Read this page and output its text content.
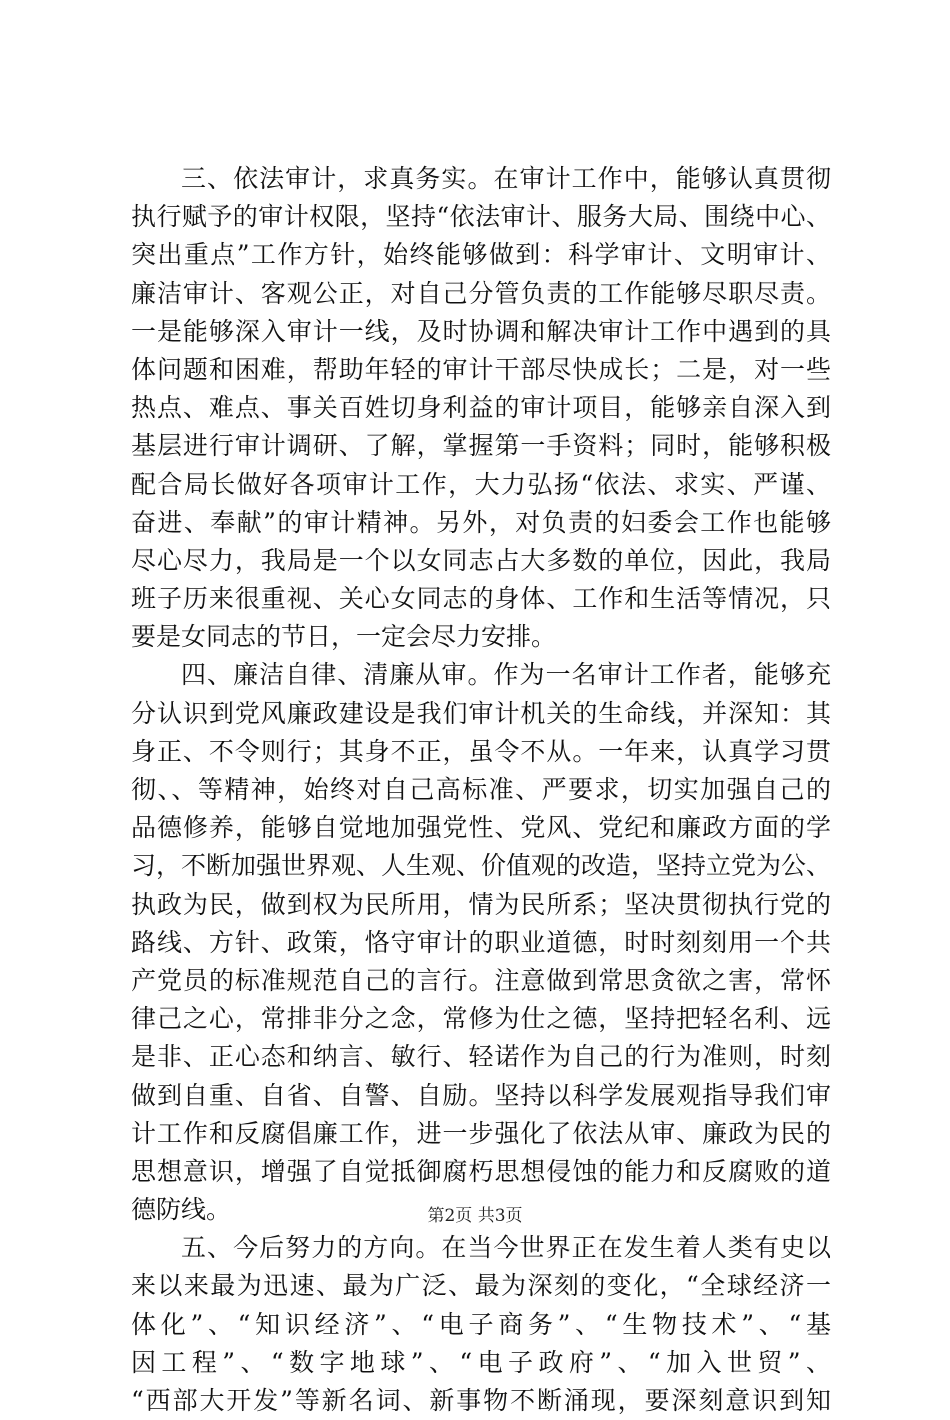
三、依法审计，求真务实。在审计工作中，能够认真贯彻
执行赋予的审计权限，坚持“依法审计、服务大局、围绕中心、
突出重点”工作方针，始终能够做到：科学审计、文明审计、
廉洁审计、客观公正，对自己分管负责的工作能够尽职尽责。
一是能够深入审计一线，及时协调和解决审计工作中遇到的具
体问题和困难，帮助年轻的审计干部尽快成长；二是，对一些
热点、难点、事关百姓切身利益的审计项目，能够亲自深入到
基层进行审计调研、了解，掌握第一手资料；同时，能够积极
配合局长做好各项审计工作，大力弘扬“依法、求实、严谨、
奋进、奉献”的审计精神。另外，对负责的妇委会工作也能够
尽心尽力，我局是一个以女同志占大多数的单位，因此，我局
班子历来很重视、关心女同志的身体、工作和生活等情况，只
要是女同志的节日，一定会尽力安排。
四、廉洁自律、清廉从审。作为一名审计工作者，能够充
分认识到党风廉政建设是我们审计机关的生命线，并深知：其
身正、不令则行；其身不正，虽令不从。一年来，认真学习贯
彻、、等精神，始终对自己高标准、严要求，切实加强自己的
品德修养，能够自觉地加强党性、党风、党纪和廉政方面的学
习，不断加强世界观、人生观、价值观的改造，坚持立党为公、
执政为民，做到权为民所用，情为民所系；坚决贯彻执行党的
路线、方针、政策，恪守审计的职业道德，时时刻刻用一个共
产党员的标准规范自己的言行。注意做到常思贪欲之害，常怀
律己之心，常排非分之念，常修为仕之德，坚持把轻名利、远
是非、正心态和纳言、敏行、轻诺作为自己的行为准则，时刻
做到自重、自省、自警、自励。坚持以科学发展观指导我们审
计工作和反腐倡廉工作，进一步强化了依法从审、廉政为民的
思想意识，增强了自觉抵御腐朽思想侵蚀的能力和反腐败的道
德防线。
五、今后努力的方向。在当今世界正在发生着人类有史以
来以来最为迅速、最为广泛、最为深刻的变化，“全球经济一
体化”、“知识经济”、“电子商务”、“生物技术”、“基
因工程”、“数字地球”、“电子政府”、“加入世贸”、
“西部大开发”等新名词、新事物不断涌现，要深刻意识到知
第2页 共3页
